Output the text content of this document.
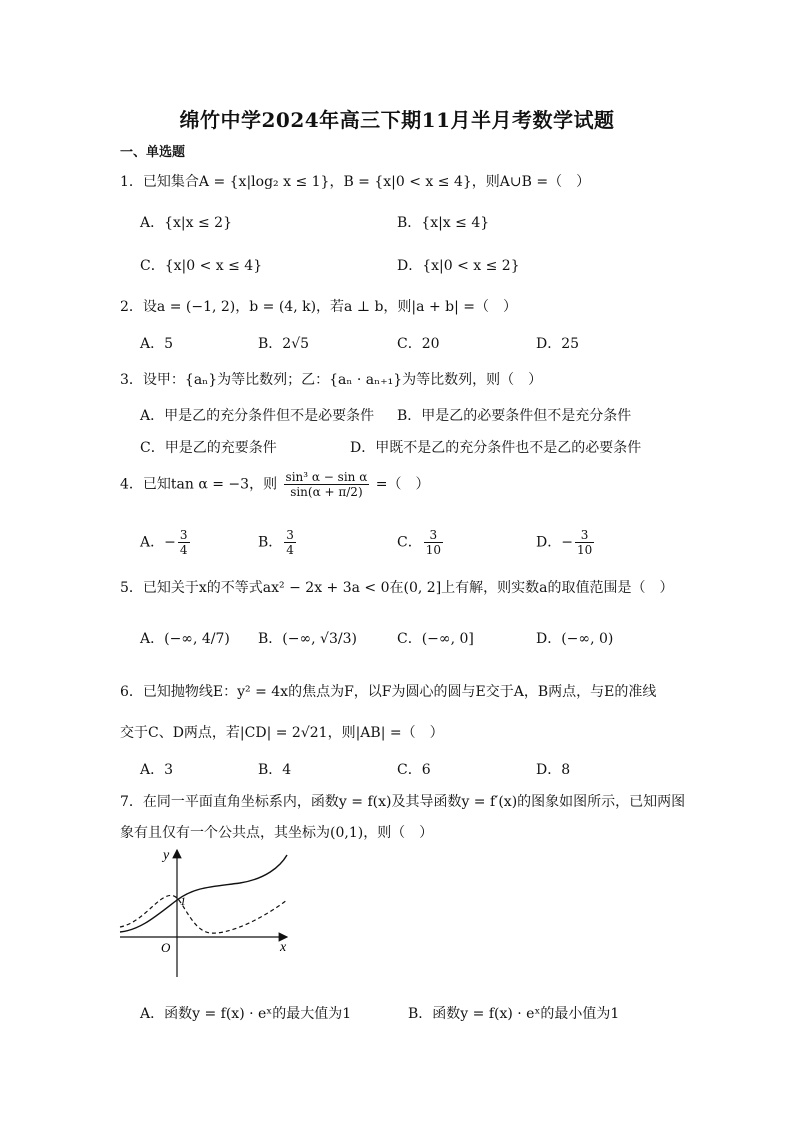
绵竹中学2024年高三下期11月半月考数学试题
一、单选题
1．已知集合A = {x|log₂ x ≤ 1}，B = {x|0 < x ≤ 4}，则A∪B =（　）
A．{x|x ≤ 2}	B．{x|x ≤ 4}
C．{x|0 < x ≤ 4}	D．{x|0 < x ≤ 2}
2．设a = (−1, 2)，b = (4, k)，若a ⊥ b，则|a + b| =（　）
A．5	B．2√5	C．20	D．25
3．设甲：{aₙ}为等比数列；乙：{aₙ · aₙ₊₁}为等比数列，则（　）
A．甲是乙的充分条件但不是必要条件 B．甲是乙的必要条件但不是充分条件
C．甲是乙的充要条件	D．甲既不是乙的充分条件也不是乙的必要条件
4．已知tan α = −3，则 $\frac{\text{sin³ α − sin α}}{\sin(\alpha + \pi/2)}$ =（　）
A．− $\frac{3}{4}$	B． $\frac{3}{4}$	C． $\frac{3}{10}$	D．− $\frac{3}{10}$
5．已知关于x的不等式ax² − 2x + 3a < 0在(0, 2]上有解，则实数a的取值范围是（　）
A．(−∞, 4/7) B．(−∞, √3/3)	C．(−∞, 0]	D．(−∞, 0)
6．已知抛物线E：y² = 4x的焦点为F，以F为圆心的圆与E交于A，B两点，与E的准线
交于C、D两点，若|CD| = 2√21，则|AB| =（　）
A．3	B．4	C．6	D．8
7．在同一平面直角坐标系内，函数y = f(x)及其导函数y = f′(x)的图象如图所示，已知两图
象有且仅有一个公共点，其坐标为(0,1)，则（　）
y
x
O
1
A．函数y = f(x) · eˣ的最大值为1	B．函数y = f(x) · eˣ的最小值为1
